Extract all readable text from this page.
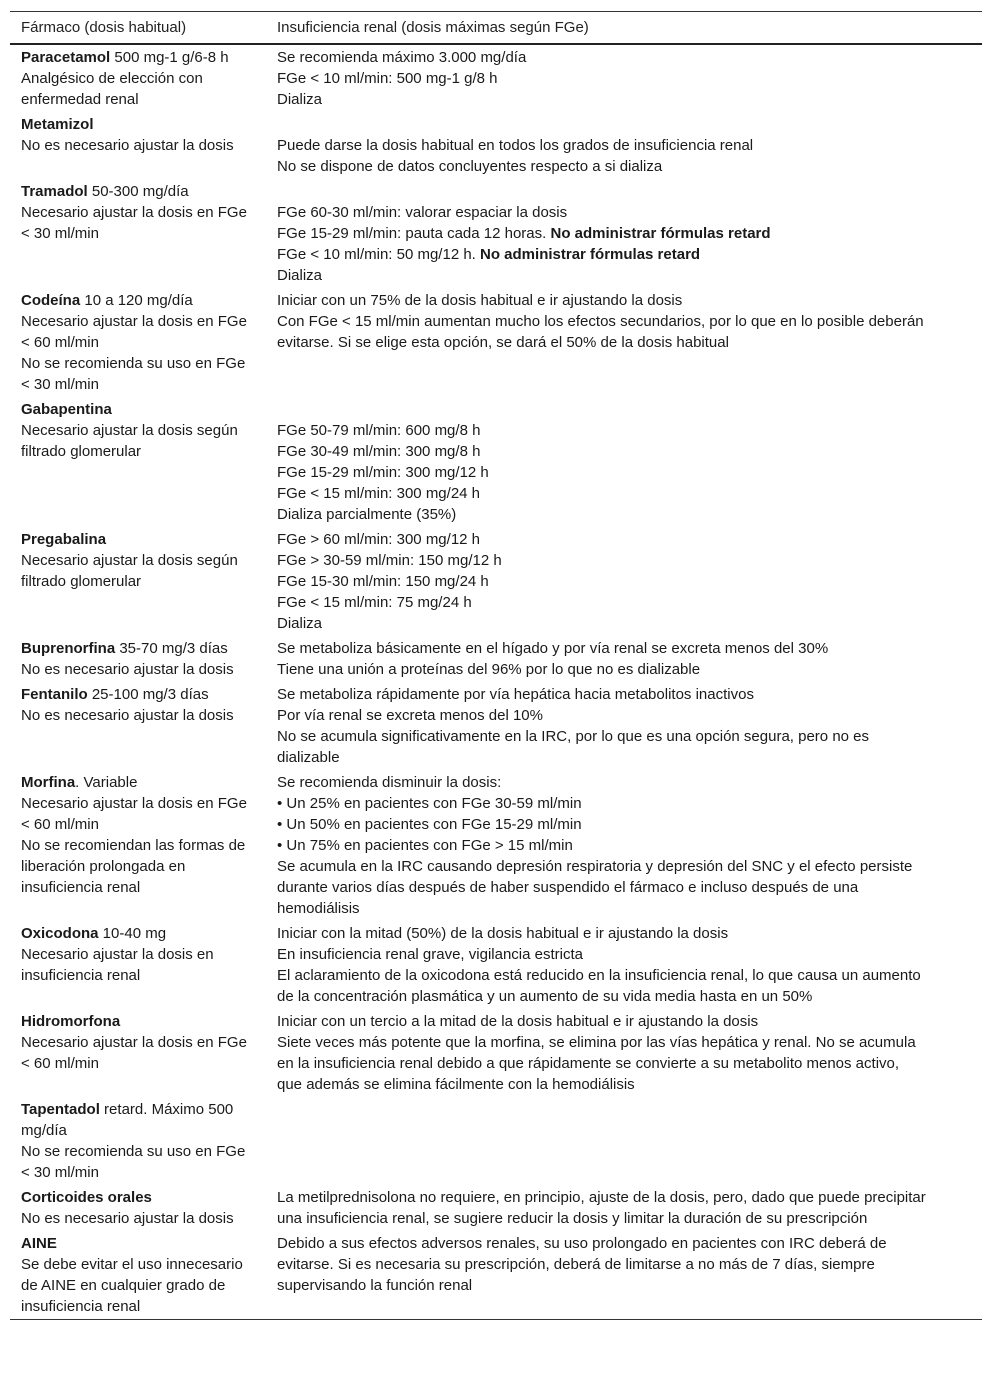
Fármaco (dosis habitual)	Insuficiencia renal (dosis máximas según FGe)
Paracetamol 500 mg-1 g/6-8 h
Analgésico de elección con enfermedad renal
Se recomienda máximo 3.000 mg/día
FGe < 10 ml/min: 500 mg-1 g/8 h
Dializa
Metamizol
No es necesario ajustar la dosis	Puede darse la dosis habitual en todos los grados de insuficiencia renal
No se dispone de datos concluyentes respecto a si dializa
Tramadol 50-300 mg/día
Necesario ajustar la dosis en FGe < 30 ml/min
FGe 60-30 ml/min: valorar espaciar la dosis
FGe 15-29 ml/min: pauta cada 12 horas. No administrar fórmulas retard
FGe < 10 ml/min: 50 mg/12 h. No administrar fórmulas retard
Dializa
Codeína 10 a 120 mg/día
Necesario ajustar la dosis en FGe < 60 ml/min
No se recomienda su uso en FGe < 30 ml/min
Iniciar con un 75% de la dosis habitual e ir ajustando la dosis
Con FGe < 15 ml/min aumentan mucho los efectos secundarios, por lo que en lo posible deberán evitarse. Si se elige esta opción, se dará el 50% de la dosis habitual
Gabapentina
Necesario ajustar la dosis según filtrado glomerular
FGe 50-79 ml/min: 600 mg/8 h
FGe 30-49 ml/min: 300 mg/8 h
FGe 15-29 ml/min: 300 mg/12 h
FGe < 15 ml/min: 300 mg/24 h
Dializa parcialmente (35%)
Pregabalina
Necesario ajustar la dosis según filtrado glomerular
FGe > 60 ml/min: 300 mg/12 h
FGe > 30-59 ml/min: 150 mg/12 h
FGe 15-30 ml/min: 150 mg/24 h
FGe < 15 ml/min: 75 mg/24 h
Dializa
Buprenorfina 35-70 mg/3 días
No es necesario ajustar la dosis
Se metaboliza básicamente en el hígado y por vía renal se excreta menos del 30%
Tiene una unión a proteínas del 96% por lo que no es dializable
Fentanilo 25-100 mg/3 días
No es necesario ajustar la dosis
Se metaboliza rápidamente por vía hepática hacia metabolitos inactivos
Por vía renal se excreta menos del 10%
No se acumula significativamente en la IRC, por lo que es una opción segura, pero no es dializable
Morfina. Variable
Necesario ajustar la dosis en FGe < 60 ml/min
No se recomiendan las formas de liberación prolongada en insuficiencia renal
Se recomienda disminuir la dosis:
• Un 25% en pacientes con FGe 30-59 ml/min
• Un 50% en pacientes con FGe 15-29 ml/min
• Un 75% en pacientes con FGe > 15 ml/min
Se acumula en la IRC causando depresión respiratoria y depresión del SNC y el efecto persiste durante varios días después de haber suspendido el fármaco e incluso después de una hemodiálisis
Oxicodona 10-40 mg
Necesario ajustar la dosis en insuficiencia renal
Iniciar con la mitad (50%) de la dosis habitual e ir ajustando la dosis
En insuficiencia renal grave, vigilancia estricta
El aclaramiento de la oxicodona está reducido en la insuficiencia renal, lo que causa un aumento de la concentración plasmática y un aumento de su vida media hasta en un 50%
Hidromorfona
Necesario ajustar la dosis en FGe < 60 ml/min
Iniciar con un tercio a la mitad de la dosis habitual e ir ajustando la dosis
Siete veces más potente que la morfina, se elimina por las vías hepática y renal. No se acumula en la insuficiencia renal debido a que rápidamente se convierte a su metabolito menos activo, que además se elimina fácilmente con la hemodiálisis
Tapentadol retard. Máximo 500 mg/día
No se recomienda su uso en FGe < 30 ml/min
Corticoides orales
No es necesario ajustar la dosis
La metilprednisolona no requiere, en principio, ajuste de la dosis, pero, dado que puede precipitar una insuficiencia renal, se sugiere reducir la dosis y limitar la duración de su prescripción
AINE
Se debe evitar el uso innecesario de AINE en cualquier grado de insuficiencia renal
Debido a sus efectos adversos renales, su uso prolongado en pacientes con IRC deberá de evitarse. Si es necesaria su prescripción, deberá de limitarse a no más de 7 días, siempre supervisando la función renal
